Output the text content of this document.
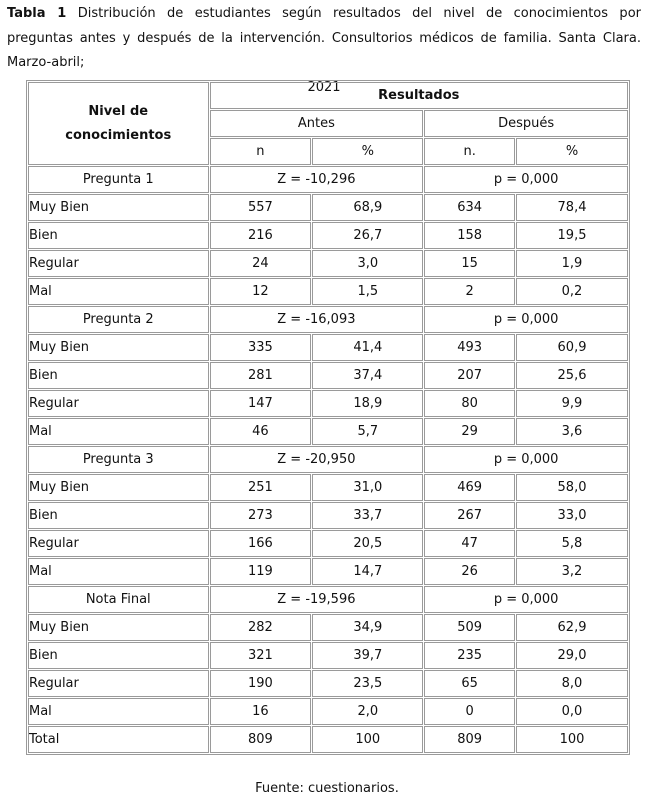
Tabla 1 Distribución de estudiantes según resultados del nivel de conocimientos por preguntas antes y después de la intervención. Consultorios médicos de familia. Santa Clara. Marzo-abril;
2021
Nivel de
conocimientos	Resultados			
	Antes		Después	
	n	%	n.	%
Pregunta 1	Z = -10,296		p = 0,000	
Muy Bien	557	68,9	634	78,4
Bien	216	26,7	158	19,5
Regular	24	3,0	15	1,9
Mal	12	1,5	2	0,2
Pregunta 2	Z = -16,093		p = 0,000	
Muy Bien	335	41,4	493	60,9
Bien	281	37,4	207	25,6
Regular	147	18,9	80	9,9
Mal	46	5,7	29	3,6
Pregunta 3	Z = -20,950		p = 0,000	
Muy Bien	251	31,0	469	58,0
Bien	273	33,7	267	33,0
Regular	166	20,5	47	5,8
Mal	119	14,7	26	3,2
Nota Final	Z = -19,596		p = 0,000	
Muy Bien	282	34,9	509	62,9
Bien	321	39,7	235	29,0
Regular	190	23,5	65	8,0
Mal	16	2,0	0	0,0
Total	809	100	809	100
Fuente: cuestionarios.
